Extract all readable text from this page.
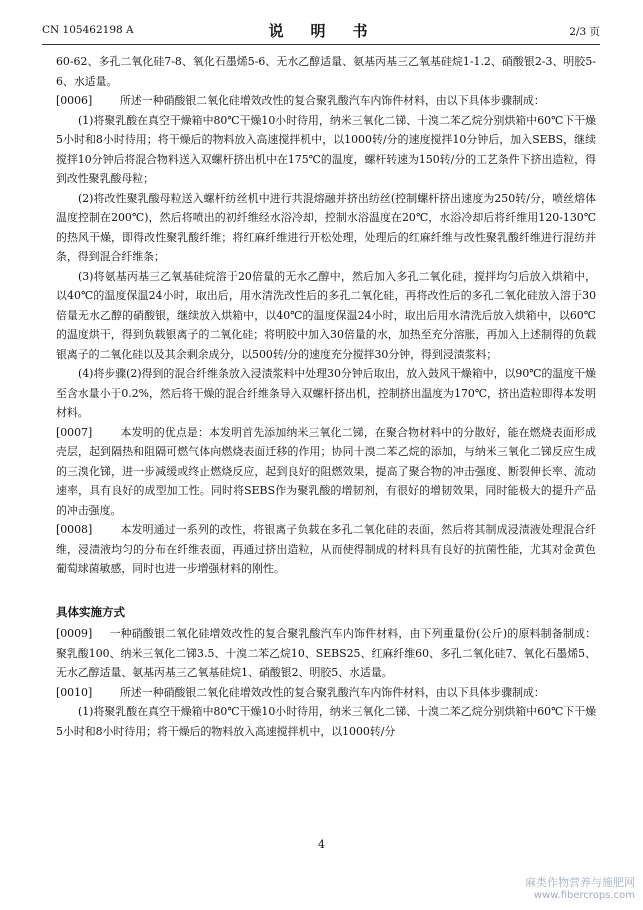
CN 105462198 A	说　明　书	2/3 页

60-62、多孔二氧化硅7-8、氧化石墨烯5-6、无水乙醇适量、氨基丙基三乙氧基硅烷1-1.2、硝酸银2-3、明胶5-6、水适量。

[0006]　　	所述一种硝酸银二氧化硅增效改性的复合聚乳酸汽车内饰件材料，由以下具体步骤制成：

(1)将聚乳酸在真空干燥箱中80℃干燥10小时待用，纳米三氧化二锑、十溴二苯乙烷分别烘箱中60℃下干燥5小时和8小时待用；将干燥后的物料放入高速搅拌机中，以1000转/分的速度搅拌10分钟后，加入SEBS，继续搅拌10分钟后将混合物料送入双螺杆挤出机中在175℃的温度，螺杆转速为150转/分的工艺条件下挤出造粒，得到改性聚乳酸母粒；

(2)将改性聚乳酸母粒送入螺杆纺丝机中进行共混熔融并挤出纺丝(控制螺杆挤出速度为250转/分，喷丝熔体温度控制在200℃)，然后将喷出的初纤维经水浴冷却，控制水浴温度在20℃，水浴冷却后将纤维用120-130℃的热风干燥，即得改性聚乳酸纤维；将红麻纤维进行开松处理，处理后的红麻纤维与改性聚乳酸纤维进行混纺并条，得到混合纤维条；

(3)将氨基丙基三乙氧基硅烷溶于20倍量的无水乙醇中，然后加入多孔二氧化硅，搅拌均匀后放入烘箱中，以40℃的温度保温24小时，取出后，用水清洗改性后的多孔二氧化硅，再将改性后的多孔二氧化硅放入溶于30倍量无水乙醇的硝酸银，继续放入烘箱中，以40℃的温度保温24小时，取出后用水清洗后放入烘箱中，以60℃的温度烘干，得到负载银离子的二氧化硅；将明胶中加入30倍量的水，加热至充分溶胀，再加入上述制得的负载银离子的二氧化硅以及其余剩余成分，以500转/分的速度充分搅拌30分钟，得到浸渍浆料；

(4)将步骤(2)得到的混合纤维条放入浸渍浆料中处理30分钟后取出，放入鼓风干燥箱中，以90℃的温度干燥至含水量小于0.2%，然后将干燥的混合纤维条导入双螺杆挤出机，控制挤出温度为170℃，挤出造粒即得本发明材料。

[0007]　　	本发明的优点是：本发明首先添加纳米三氧化二锑，在聚合物材料中的分散好，能在燃烧表面形成壳层，起到隔热和阻隔可燃气体向燃烧表面迁移的作用；协同十溴二苯乙烷的添加，与纳米三氧化二锑反应生成的三溴化锑，进一步减缓或终止燃烧反应，起到良好的阻燃效果，提高了聚合物的冲击强度、断裂伸长率、流动速率，具有良好的成型加工性。同时将SEBS作为聚乳酸的增韧剂，有很好的增韧效果，同时能极大的提升产品的冲击强度。

[0008]　　	本发明通过一系列的改性，将银离子负载在多孔二氧化硅的表面，然后将其制成浸渍液处理混合纤维，浸渍液均匀的分布在纤维表面，再通过挤出造粒，从而使得制成的材料具有良好的抗菌性能，尤其对金黄色葡萄球菌敏感，同时也进一步增强材料的刚性。

具体实施方式

[0009]　 一种硝酸银二氧化硅增效改性的复合聚乳酸汽车内饰件材料，由下列重量份(公斤)的原料制备制成：聚乳酸100、纳米三氧化二锑3.5、十溴二苯乙烷10、SEBS25、红麻纤维60、多孔二氧化硅7、氧化石墨烯5、无水乙醇适量、氨基丙基三乙氧基硅烷1、硝酸银2、明胶5、水适量。

[0010]　　	所述一种硝酸银二氧化硅增效改性的复合聚乳酸汽车内饰件材料，由以下具体步骤制成：

(1)将聚乳酸在真空干燥箱中80℃干燥10小时待用，纳米三氧化二锑、十溴二苯乙烷分别烘箱中60℃下干燥5小时和8小时待用；将干燥后的物料放入高速搅拌机中，以1000转/分

4
麻类作物营养与施肥网
www.fibercrops.com
